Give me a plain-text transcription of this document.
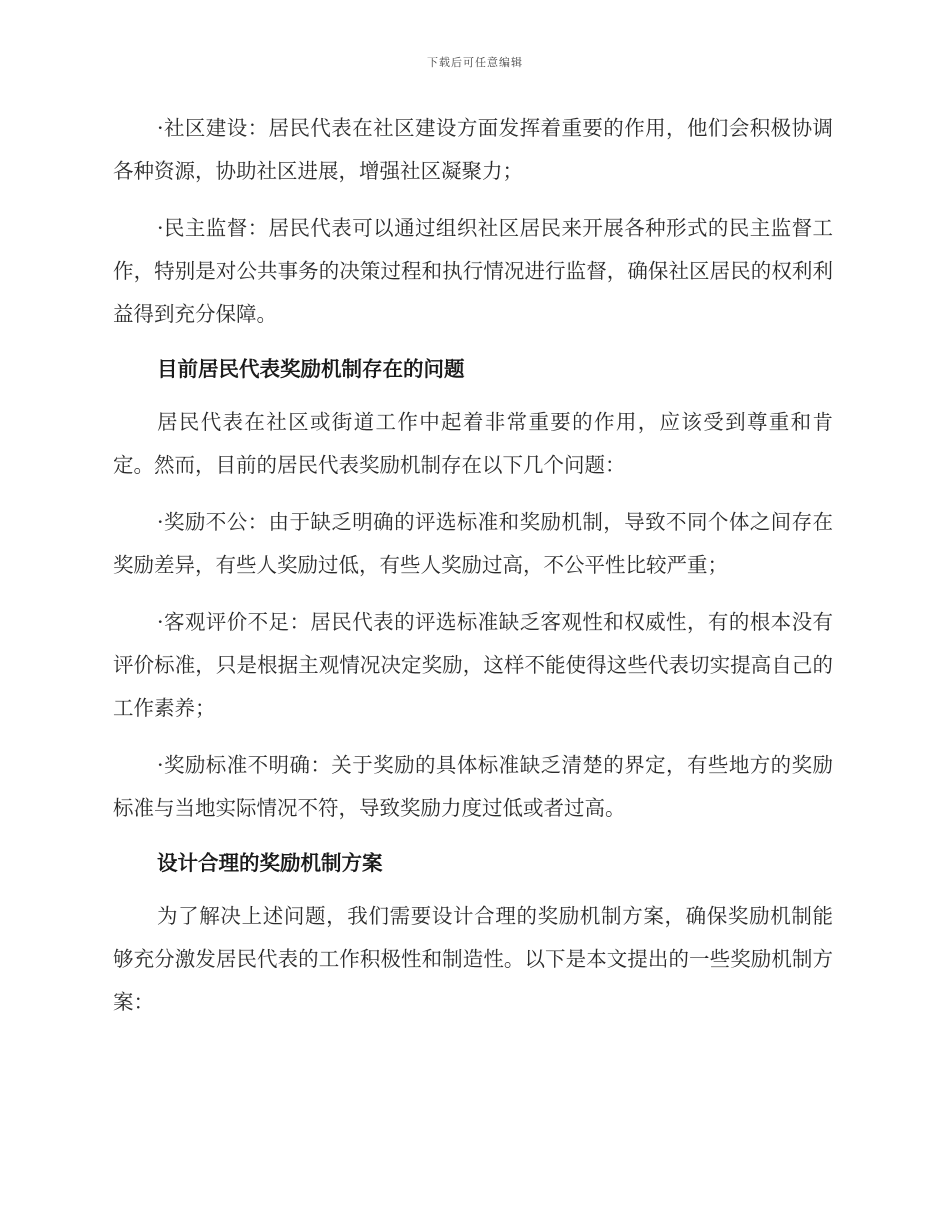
下载后可任意编辑

·社区建设：居民代表在社区建设方面发挥着重要的作用，他们会积极协调各种资源，协助社区进展，增强社区凝聚力；

·民主监督：居民代表可以通过组织社区居民来开展各种形式的民主监督工作，特别是对公共事务的决策过程和执行情况进行监督，确保社区居民的权利利益得到充分保障。

目前居民代表奖励机制存在的问题

居民代表在社区或街道工作中起着非常重要的作用，应该受到尊重和肯定。然而，目前的居民代表奖励机制存在以下几个问题：

·奖励不公：由于缺乏明确的评选标准和奖励机制，导致不同个体之间存在奖励差异，有些人奖励过低，有些人奖励过高，不公平性比较严重；

·客观评价不足：居民代表的评选标准缺乏客观性和权威性，有的根本没有评价标准，只是根据主观情况决定奖励，这样不能使得这些代表切实提高自己的工作素养；

·奖励标准不明确：关于奖励的具体标准缺乏清楚的界定，有些地方的奖励标准与当地实际情况不符，导致奖励力度过低或者过高。

设计合理的奖励机制方案

为了解决上述问题，我们需要设计合理的奖励机制方案，确保奖励机制能够充分激发居民代表的工作积极性和制造性。以下是本文提出的一些奖励机制方案：
